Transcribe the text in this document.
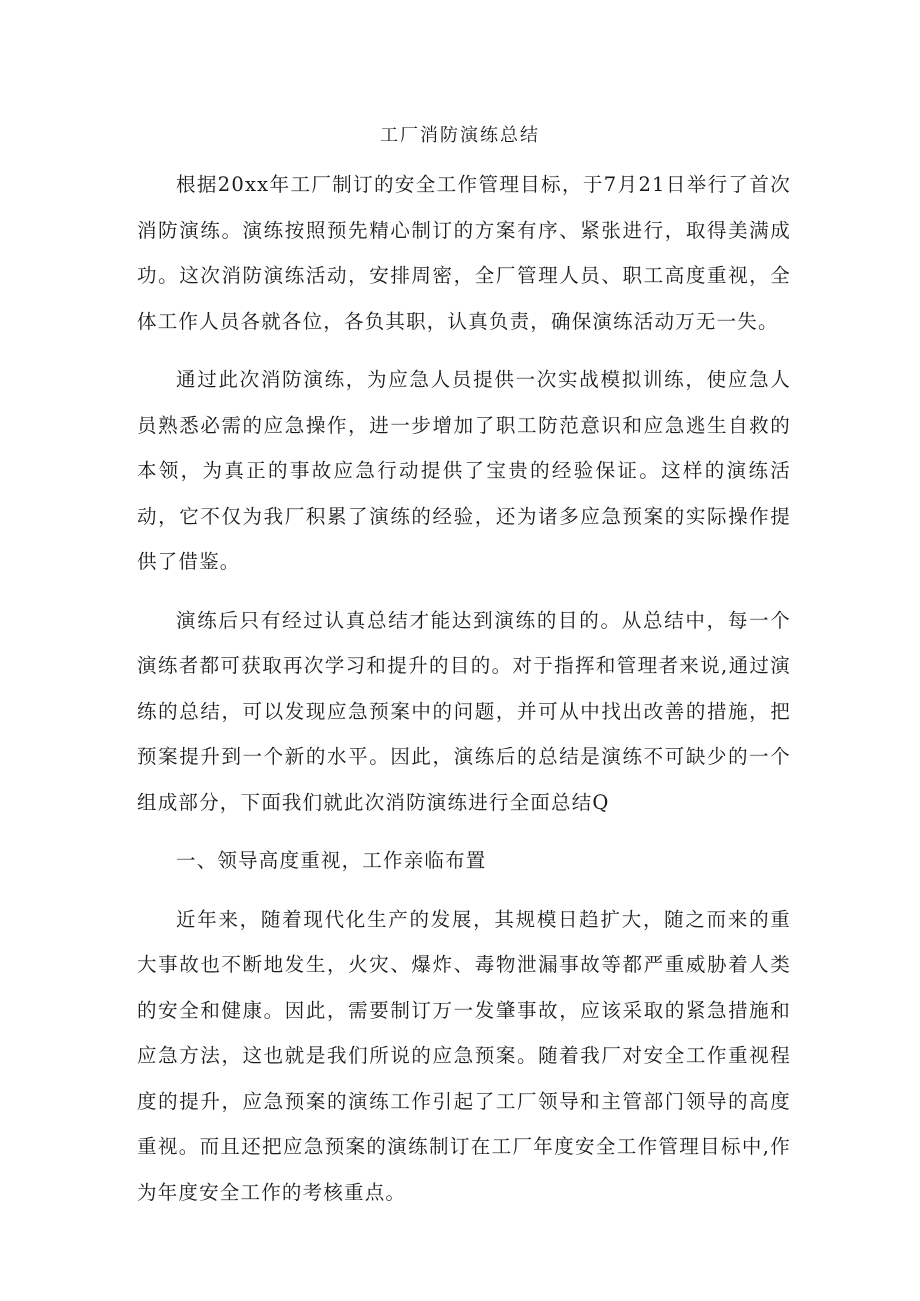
工厂消防演练总结

根据20xx年工厂制订的安全工作管理目标，于7月21日举行了首次消防演练。演练按照预先精心制订的方案有序、紧张进行，取得美满成功。这次消防演练活动，安排周密，全厂管理人员、职工高度重视，全体工作人员各就各位，各负其职，认真负责，确保演练活动万无一失。

通过此次消防演练，为应急人员提供一次实战模拟训练，使应急人员熟悉必需的应急操作，进一步增加了职工防范意识和应急逃生自救的本领，为真正的事故应急行动提供了宝贵的经验保证。这样的演练活动，它不仅为我厂积累了演练的经验，还为诸多应急预案的实际操作提供了借鉴。

演练后只有经过认真总结才能达到演练的目的。从总结中，每一个演练者都可获取再次学习和提升的目的。对于指挥和管理者来说,通过演练的总结，可以发现应急预案中的问题，并可从中找出改善的措施，把预案提升到一个新的水平。因此，演练后的总结是演练不可缺少的一个组成部分，下面我们就此次消防演练进行全面总结Q

一、领导高度重视，工作亲临布置

近年来，随着现代化生产的发展，其规模日趋扩大，随之而来的重大事故也不断地发生，火灾、爆炸、毒物泄漏事故等都严重威胁着人类的安全和健康。因此，需要制订万一发肇事故，应该采取的紧急措施和应急方法，这也就是我们所说的应急预案。随着我厂对安全工作重视程度的提升，应急预案的演练工作引起了工厂领导和主管部门领导的高度重视。而且还把应急预案的演练制订在工厂年度安全工作管理目标中,作为年度安全工作的考核重点。
